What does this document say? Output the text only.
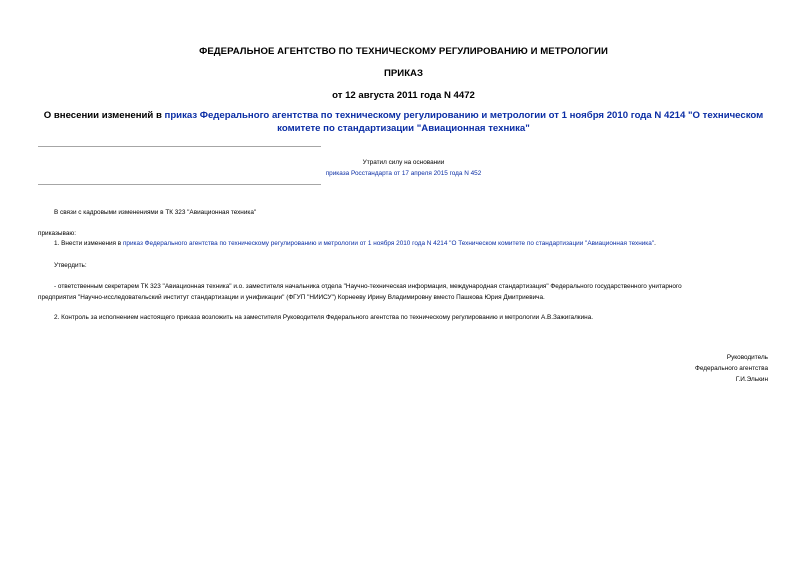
ФЕДЕРАЛЬНОЕ АГЕНТСТВО ПО ТЕХНИЧЕСКОМУ РЕГУЛИРОВАНИЮ И МЕТРОЛОГИИ
ПРИКАЗ
от 12 августа 2011 года N 4472
О внесении изменений в приказ Федерального агентства по техническому регулированию и метрологии от 1 ноября 2010 года N 4214 "О техническом комитете по стандартизации "Авиационная техника"
Утратил силу на основании
приказа Росстандарта от 17 апреля 2015 года N 452
В связи с кадровыми изменениями в ТК 323 "Авиационная техника"
приказываю:
1. Внести изменения в приказ Федерального агентства по техническому регулированию и метрологии от 1 ноября 2010 года N 4214 "О Техническом комитете по стандартизации "Авиационная техника".
Утвердить:
- ответственным секретарем ТК 323 "Авиационная техника" и.о. заместителя начальника отдела "Научно-техническая информация, международная стандартизация" Федерального государственного унитарного
предприятия "Научно-исследовательский институт стандартизации и унификации" (ФГУП "НИИСУ") Корнееву Ирину Владимировну вместо Пашкова Юрия Дмитриевича.
2. Контроль за исполнением настоящего приказа возложить на заместителя Руководителя Федерального агентства по техническому регулированию и метрологии А.В.Зажигалкина.
Руководитель
Федерального агентства
Г.И.Элькин
